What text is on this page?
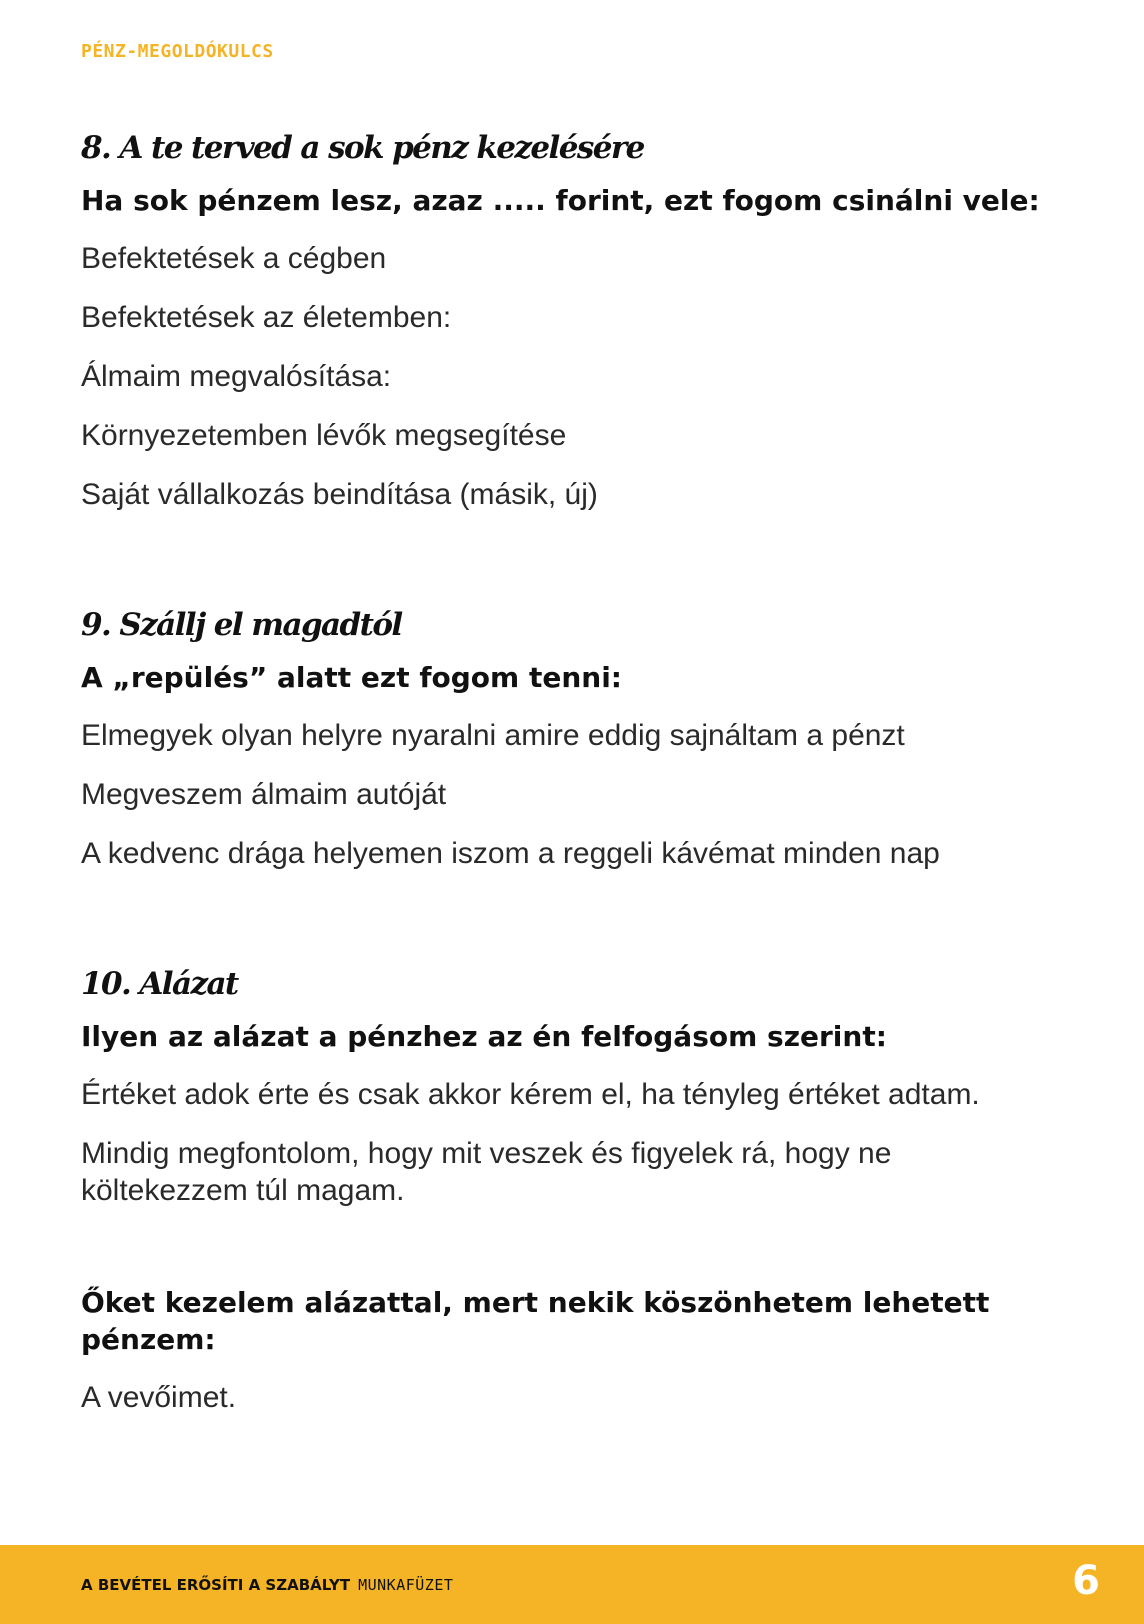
PÉNZ-MEGOLDÓKULCS
8. A te terved a sok pénz kezelésére
Ha sok pénzem lesz, azaz ..... forint, ezt fogom csinálni vele:
Befektetések a cégben
Befektetések az életemben:
Álmaim megvalósítása:
Környezetemben lévők megsegítése
Saját vállalkozás beindítása (másik, új)
9. Szállj el magadtól
A „repülés” alatt ezt fogom tenni:
Elmegyek olyan helyre nyaralni amire eddig sajnáltam a pénzt
Megveszem álmaim autóját
A kedvenc drága helyemen iszom a reggeli kávémat minden nap
10. Alázat
Ilyen az alázat a pénzhez az én felfogásom szerint:
Értéket adok érte és csak akkor kérem el, ha tényleg értéket adtam.
Mindig megfontolom, hogy mit veszek és figyelek rá, hogy ne költekezzem túl magam.
Őket kezelem alázattal, mert nekik köszönhetem lehetett pénzem:
A vevőimet.
A BEVÉTEL ERŐSÍTI A SZABÁLYT MUNKAFÜZET	6
